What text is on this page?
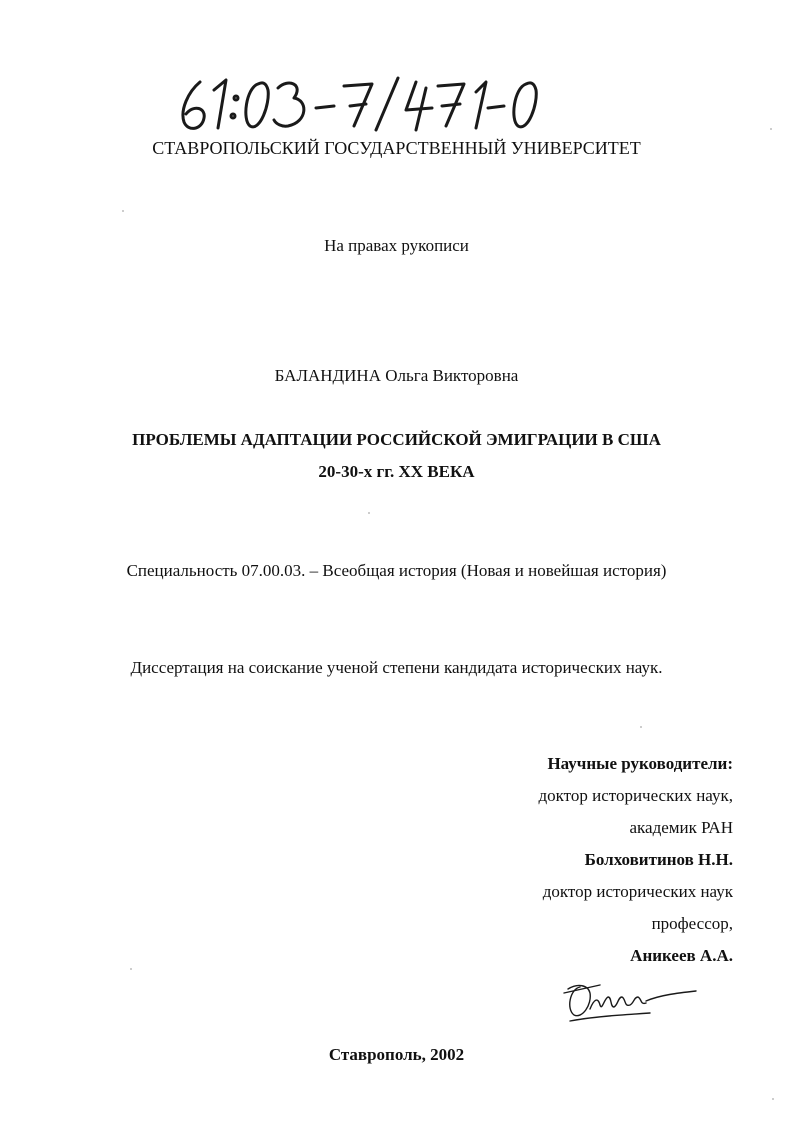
СТАВРОПОЛЬСКИЙ ГОСУДАРСТВЕННЫЙ УНИВЕРСИТЕТ
На правах рукописи
БАЛАНДИНА Ольга Викторовна
ПРОБЛЕМЫ АДАПТАЦИИ РОССИЙСКОЙ ЭМИГРАЦИИ В США
20-30-х гг. XX ВЕКА
Специальность 07.00.03. – Всеобщая история (Новая и новейшая история)
Диссертация на соискание ученой степени кандидата исторических наук.
Научные руководители:
доктор исторических наук,
академик РАН
Болховитинов Н.Н.
доктор исторических наук
профессор,
Аникеев А.А.
Ставрополь, 2002
